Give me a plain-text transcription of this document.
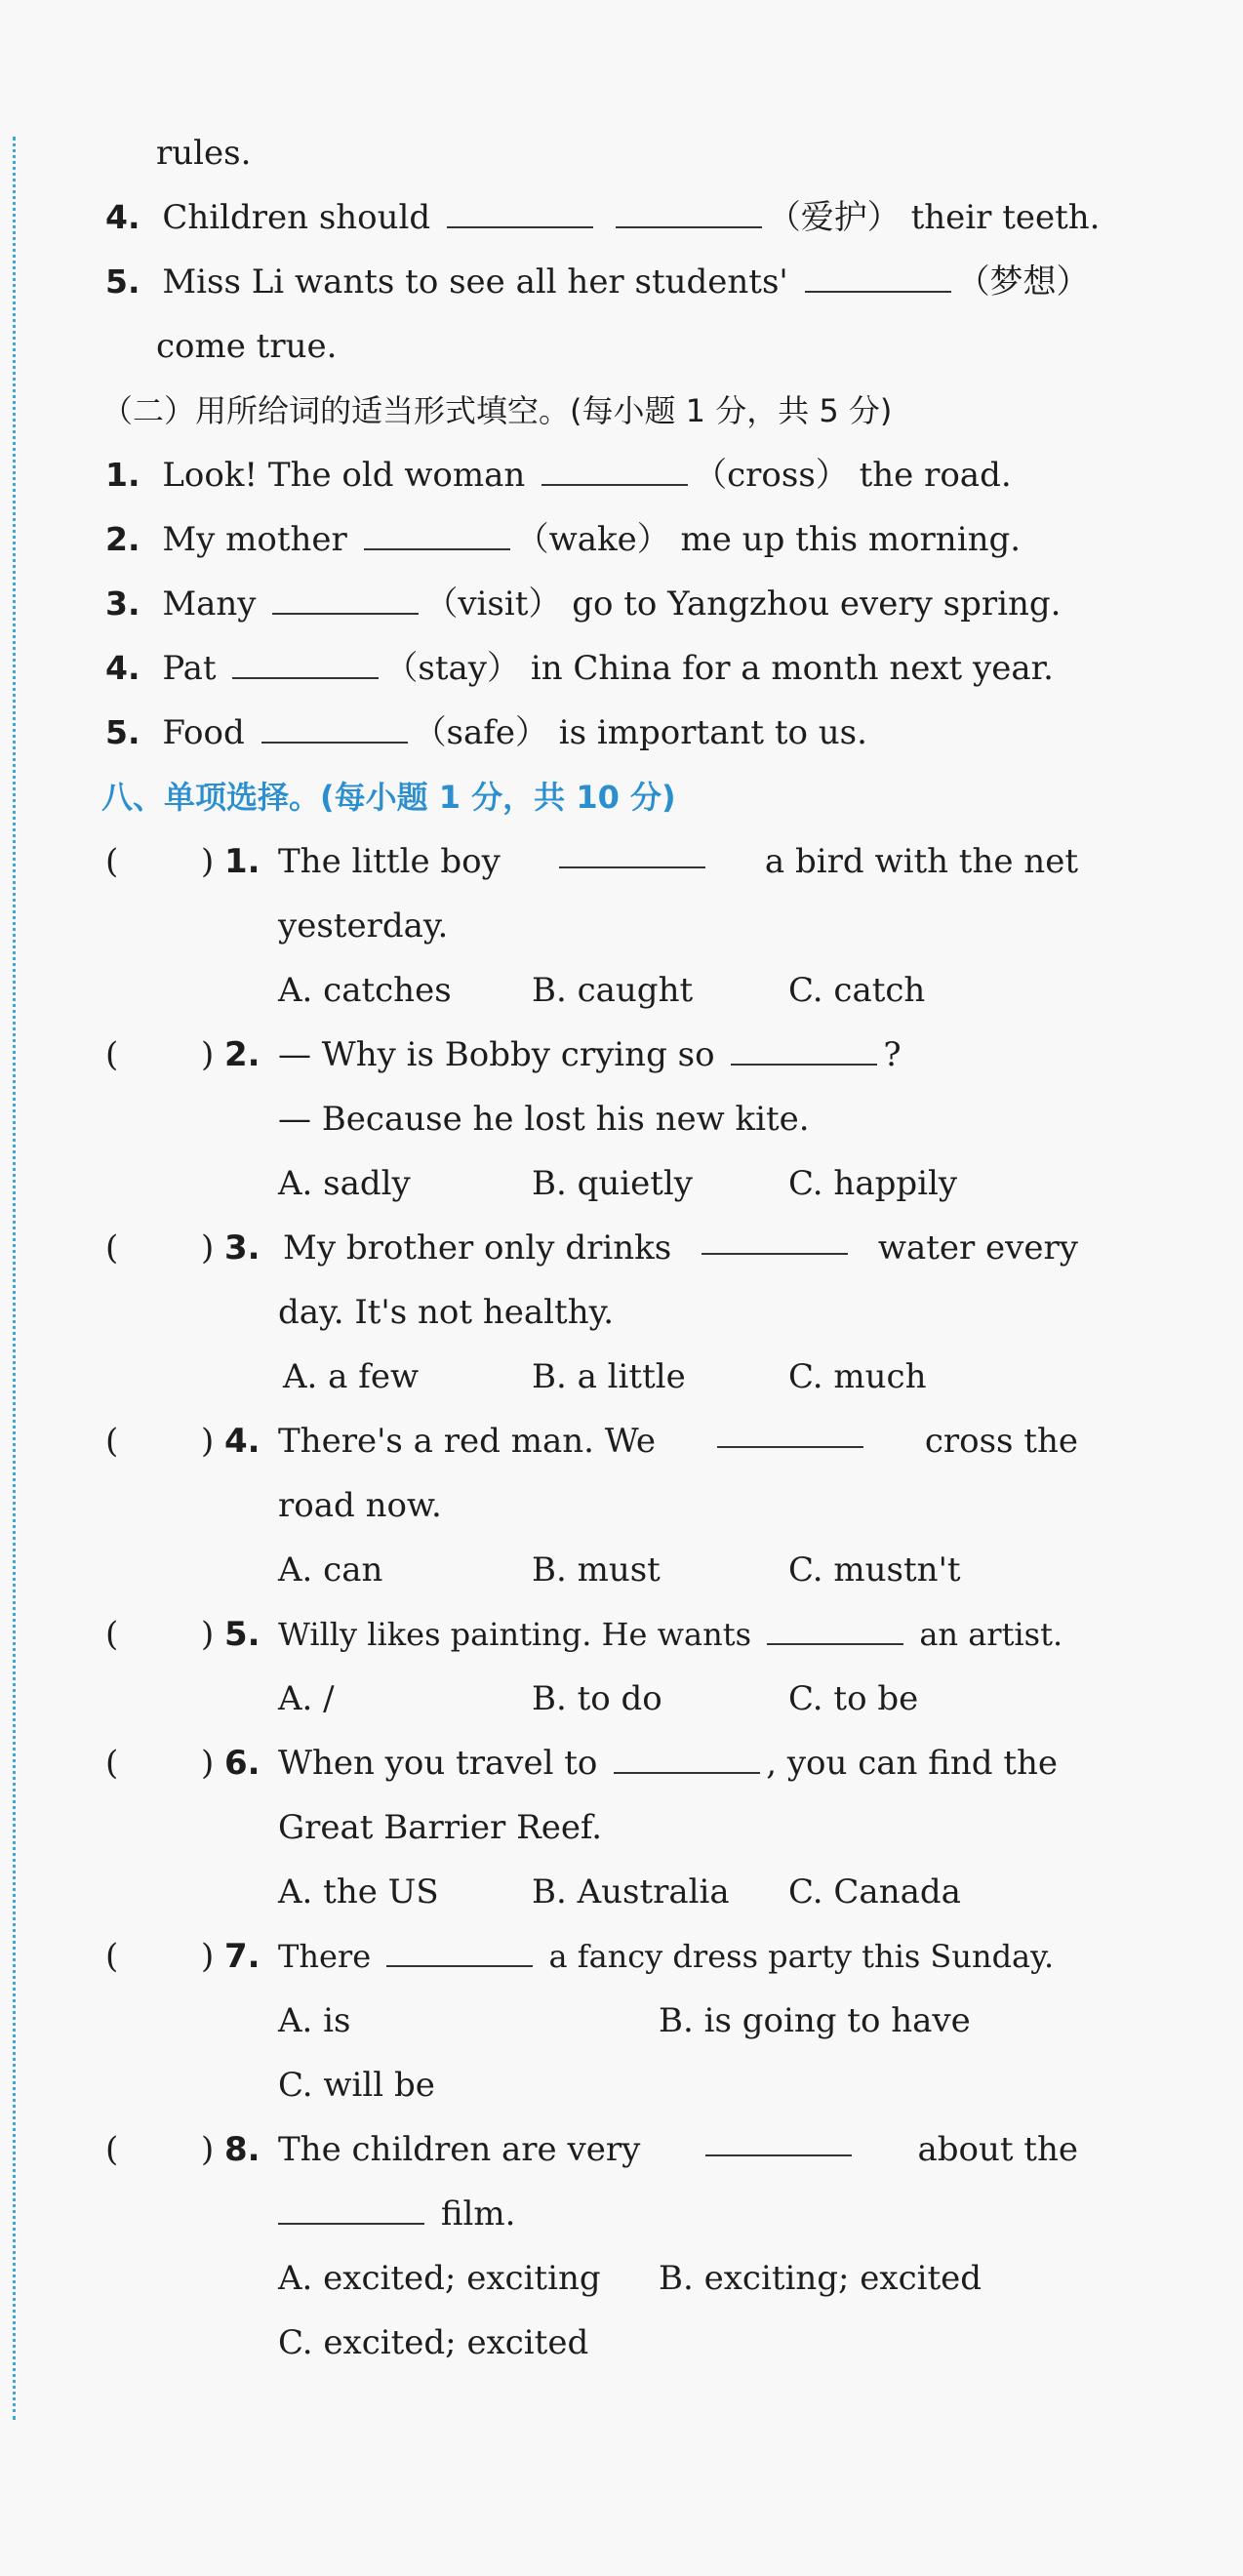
rules.
4. Children should	（爱护） their teeth.
5. Miss Li wants to see all her students'	（梦想）
come true.
（二）用所给词的适当形式填空。(每小题 1 分，共 5 分)
1. Look! The old woman	（cross） the road.
2. My mother	（wake） me up this morning.
3. Many	（visit） go to Yangzhou every spring.
4. Pat	（stay） in China for a month next year.
5. Food	（safe） is important to us.
八、单项选择。(每小题 1 分，共 10 分)
( ) 1. The little boy	a bird with the net
yesterday.
A. catches B. caught	C. catch
( ) 2. — Why is Bobby crying so	?
— Because he lost his new kite.
A. sadly	B. quietly	C. happily
( ) 3. My brother only drinks	water every
day. It's not healthy.
A. a few	B. a little	C. much
( ) 4. There's a red man. We	cross the
road now.
A. can	B. must	C. mustn't
( ) 5. Willy likes painting. He wants	an artist.
A. /	B. to do	C. to be
( ) 6. When you travel to	, you can find the
Great Barrier Reef.
A. the US	B. Australia C. Canada
( ) 7. There	a fancy dress party this Sunday.
A. is	B. is going to have
C. will be
( ) 8. The children are very	about the
film.
A. excited; exciting B. exciting; excited
C. excited; excited
